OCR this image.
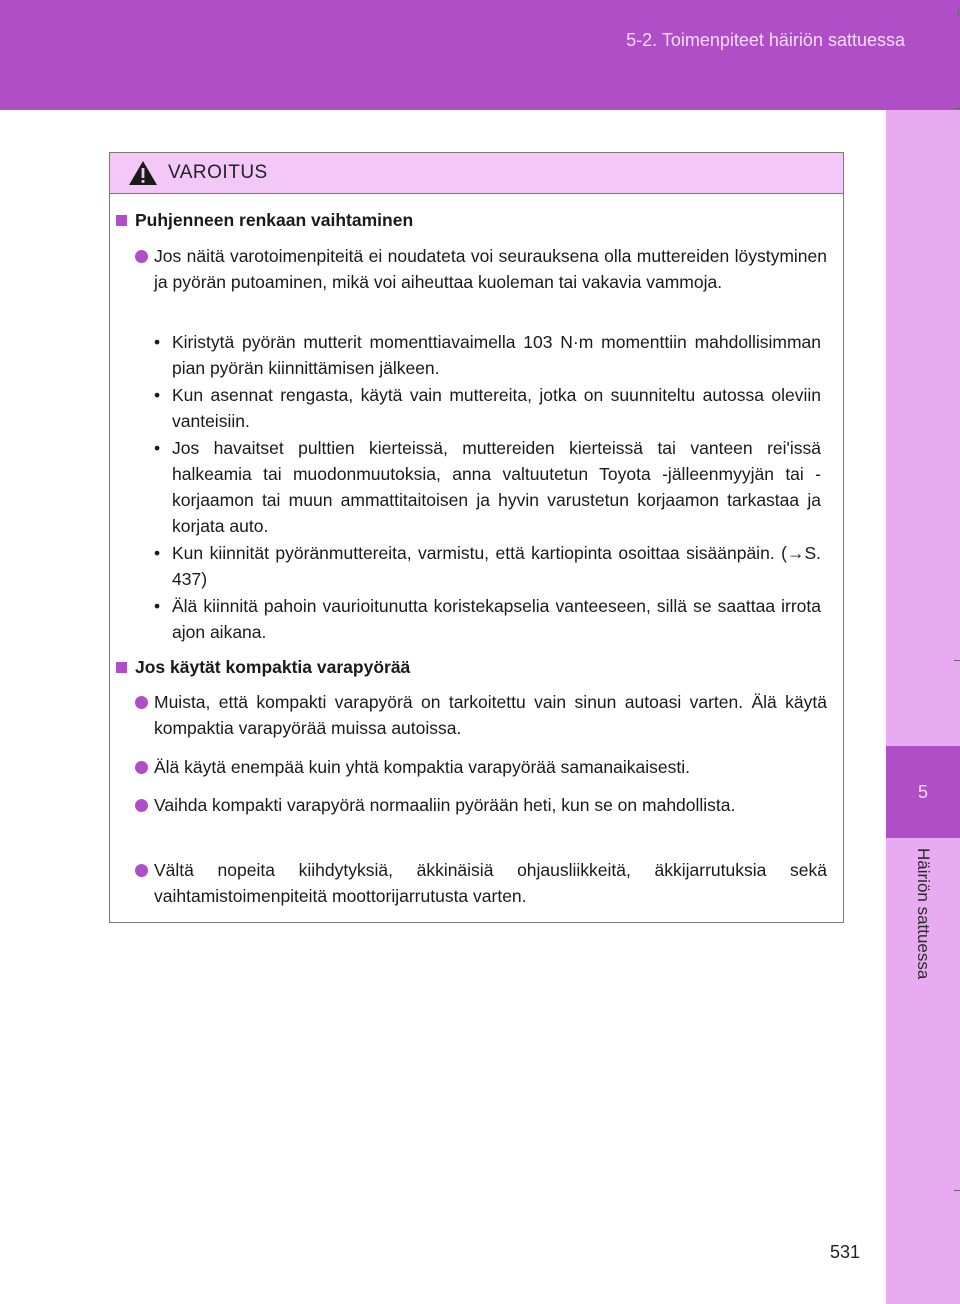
5-2. Toimenpiteet häiriön sattuessa
5
Häiriön sattuessa
531
VAROITUS
Puhjenneen renkaan vaihtaminen
Jos näitä varotoimenpiteitä ei noudateta voi seurauksena olla muttereiden löystyminen ja pyörän putoaminen, mikä voi aiheuttaa kuoleman tai vakavia vammoja.
• Kiristytä pyörän mutterit momenttiavaimella 103 N·m momenttiin mahdollisimman pian pyörän kiinnittämisen jälkeen.
• Kun asennat rengasta, käytä vain muttereita, jotka on suunniteltu autossa oleviin vanteisiin.
• Jos havaitset pulttien kierteissä, muttereiden kierteissä tai vanteen rei'issä halkeamia tai muodonmuutoksia, anna valtuutetun Toyota -jälleenmyyjän tai -korjaamon tai muun ammattitaitoisen ja hyvin varustetun korjaamon tarkastaa ja korjata auto.
• Kun kiinnität pyöränmuttereita, varmistu, että kartiopinta osoittaa sisäänpäin. (→S. 437)
• Älä kiinnitä pahoin vaurioitunutta koristekapselia vanteeseen, sillä se saattaa irrota ajon aikana.
Jos käytät kompaktia varapyörää
Muista, että kompakti varapyörä on tarkoitettu vain sinun autoasi varten. Älä käytä kompaktia varapyörää muissa autoissa.
Älä käytä enempää kuin yhtä kompaktia varapyörää samanaikaisesti.
Vaihda kompakti varapyörä normaaliin pyörään heti, kun se on mahdollista.
Vältä nopeita kiihdytyksiä, äkkinäisiä ohjausliikkeitä, äkkijarrutuksia sekä vaihtamistoimenpiteitä moottorijarrutusta varten.
